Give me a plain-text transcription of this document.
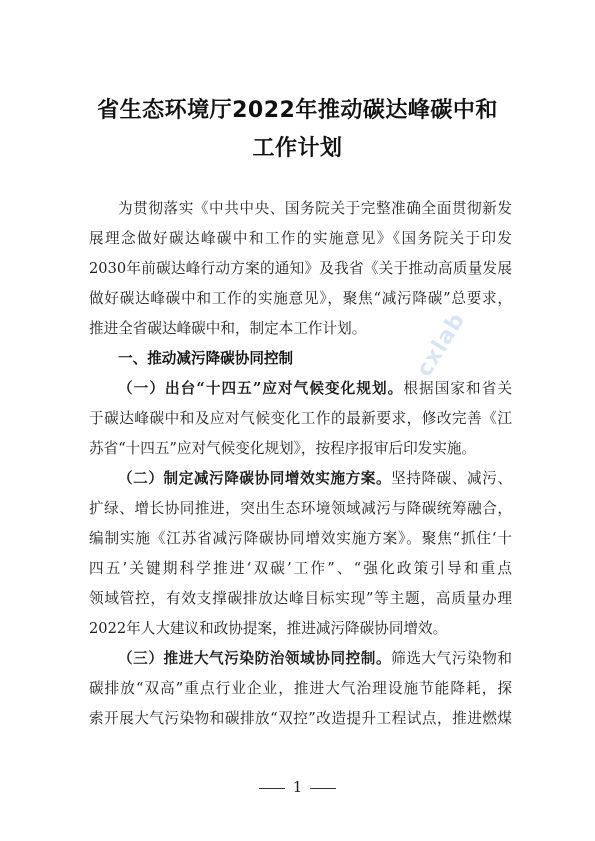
省生态环境厅2022年推动碳达峰碳中和
工作计划
为贯彻落实《中共中央、国务院关于完整准确全面贯彻新发
展理念做好碳达峰碳中和工作的实施意见》《国务院关于印发
2030年前碳达峰行动方案的通知》及我省《关于推动高质量发展
做好碳达峰碳中和工作的实施意见》，聚焦“减污降碳”总要求，
推进全省碳达峰碳中和，制定本工作计划。
一、推动减污降碳协同控制
（一）出台“十四五”应对气候变化规划。根据国家和省关
于碳达峰碳中和及应对气候变化工作的最新要求，修改完善《江
苏省“十四五”应对气候变化规划》，按程序报审后印发实施。
（二）制定减污降碳协同增效实施方案。坚持降碳、减污、
扩绿、增长协同推进，突出生态环境领域减污与降碳统筹融合，
编制实施《江苏省减污降碳协同增效实施方案》。聚焦“抓住‘十
四五’关键期科学推进‘双碳’工作”、“强化政策引导和重点
领域管控，有效支撑碳排放达峰目标实现”等主题，高质量办理
2022年人大建议和政协提案，推进减污降碳协同增效。
（三）推进大气污染防治领域协同控制。筛选大气污染物和
碳排放“双高”重点行业企业，推进大气治理设施节能降耗，探
索开展大气污染物和碳排放“双控”改造提升工程试点，推进燃煤
cxlab
1
